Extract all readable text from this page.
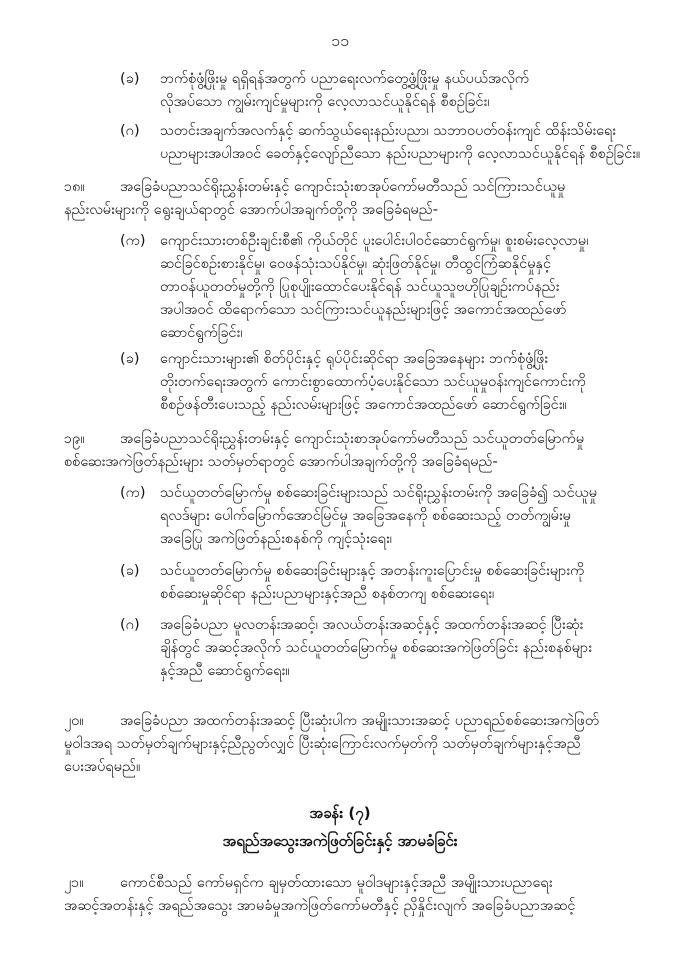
၁၁
(ခ) ဘက်စုံဖွံ့ဖြိုးမှု ရရှိရန်အတွက် ပညာရေးလက်တွေ့ဖွံ့ဖြိုးမှု နယ်ပယ်အလိုက်
လိုအပ်သော ကျွမ်းကျင်မှုများကို လေ့လာသင်ယူနိုင်ရန် စီစဉ်ခြင်း၊
(ဂ) သတင်းအချက်အလက်နှင့် ဆက်သွယ်ရေးနည်းပညာ၊ သဘာဝပတ်ဝန်းကျင် ထိန်းသိမ်းရေး
ပညာများအပါအဝင် ခေတ်နှင့်လျော်ညီသော နည်းပညာများကို လေ့လာသင်ယူနိုင်ရန် စီစဉ်ခြင်း။
၁၈။	အခြေခံပညာသင်ရိုးညွှန်းတမ်းနှင့် ကျောင်းသုံးစာအုပ်ကော်မတီသည် သင်ကြားသင်ယူမှု
နည်းလမ်းများကို ရွေးချယ်ရာတွင် အောက်ပါအချက်တို့ကို အခြေခံရမည်-
(က) ကျောင်းသားတစ်ဦးချင်းစီ၏ ကိုယ်တိုင် ပူးပေါင်းပါဝင်ဆောင်ရွက်မှု၊ စူးစမ်းလေ့လာမှု၊
ဆင်ခြင်စဉ်းစားနိုင်မှု၊ ဝေဖန်သုံးသပ်နိုင်မှု၊ ဆုံးဖြတ်နိုင်မှု၊ တီထွင်ကြံဆနိုင်မှုနှင့်
တာဝန်ယူတတ်မှုတို့ကို ပြုစုပျိုးထောင်ပေးနိုင်ရန် သင်ယူသူဗဟိုပြုချဉ်းကပ်နည်း
အပါအဝင် ထိရောက်သော သင်ကြားသင်ယူနည်းများဖြင့် အကောင်အထည်ဖော်
ဆောင်ရွက်ခြင်း၊
(ခ) ကျောင်းသားများ၏ စိတ်ပိုင်းနှင့် ရုပ်ပိုင်းဆိုင်ရာ အခြေအနေများ ဘက်စုံဖွံ့ဖြိုး
တိုးတက်ရေးအတွက် ကောင်းစွာထောက်ပံ့ပေးနိုင်သော သင်ယူမှုဝန်းကျင်ကောင်းကို
စီစဉ်ဖန်တီးပေးသည့် နည်းလမ်းများဖြင့် အကောင်အထည်ဖော် ဆောင်ရွက်ခြင်း။
၁၉။	အခြေခံပညာသင်ရိုးညွှန်းတမ်းနှင့် ကျောင်းသုံးစာအုပ်ကော်မတီသည် သင်ယူတတ်မြောက်မှု
စစ်ဆေးအကဲဖြတ်နည်းများ သတ်မှတ်ရာတွင် အောက်ပါအချက်တို့ကို အခြေခံရမည်-
(က) သင်ယူတတ်မြောက်မှု စစ်ဆေးခြင်းများသည် သင်ရိုးညွှန်းတမ်းကို အခြေခံ၍ သင်ယူမှု
ရလဒ်များ ပေါက်မြောက်အောင်မြင်မှု အခြေအနေကို စစ်ဆေးသည့် တတ်ကျွမ်းမှု
အခြေပြု အကဲဖြတ်နည်းစနစ်ကို ကျင့်သုံးရေး၊
(ခ) သင်ယူတတ်မြောက်မှု စစ်ဆေးခြင်းများနှင့် အတန်းကူးပြောင်းမှု စစ်ဆေးခြင်းများကို
စစ်ဆေးမှုဆိုင်ရာ နည်းပညာများနှင့်အညီ စနစ်တကျ စစ်ဆေးရေး၊
(ဂ) အခြေခံပညာ မူလတန်းအဆင့်၊ အလယ်တန်းအဆင့်နှင့် အထက်တန်းအဆင့် ပြီးဆုံး
ချိန်တွင် အဆင့်အလိုက် သင်ယူတတ်မြောက်မှု စစ်ဆေးအကဲဖြတ်ခြင်း နည်းစနစ်များ
နှင့်အညီ ဆောင်ရွက်ရေး။
၂၀။	အခြေခံပညာ အထက်တန်းအဆင့် ပြီးဆုံးပါက အမျိုးသားအဆင့် ပညာရည်စစ်ဆေးအကဲဖြတ်
မှုဝါဒအရ သတ်မှတ်ချက်များနှင့်ညီညွတ်လျှင် ပြီးဆုံးကြောင်းလက်မှတ်ကို သတ်မှတ်ချက်များနှင့်အညီ
ပေးအပ်ရမည်။
အခန်း (၇)
အရည်အသွေးအကဲဖြတ်ခြင်းနှင့် အာမခံခြင်း
၂၁။	ကောင်စီသည် ကော်မရှင်က ချမှတ်ထားသော မူဝါဒများနှင့်အညီ အမျိုးသားပညာရေး
အဆင့်အတန်းနှင့် အရည်အသွေး အာမခံမှုအကဲဖြတ်ကော်မတီနှင့် ညှိနှိုင်းလျက် အခြေခံပညာအဆင့်
